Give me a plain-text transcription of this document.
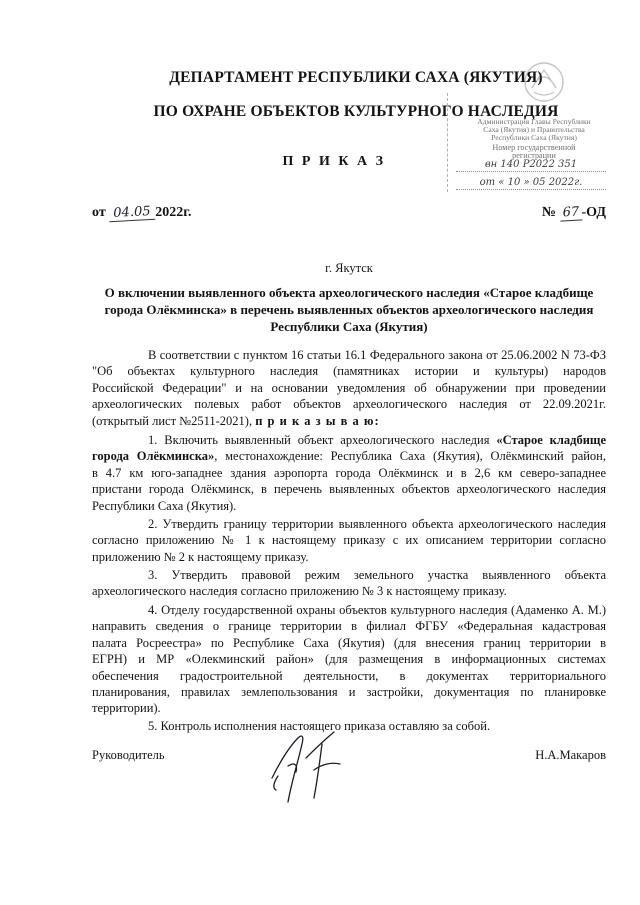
ДЕПАРТАМЕНТ РЕСПУБЛИКИ САХА (ЯКУТИЯ)
ПО ОХРАНЕ ОБЪЕКТОВ КУЛЬТУРНОГО НАСЛЕДИЯ
Администрация Главы Республики
Саха (Якутия) и Правительства
Республики Саха (Якутия)
Номер государственной
регистрации
вн 140 Р2022 351
от « 10 » 05 2022г.
П Р И К А З
от 04.05 2022г.	№ 67 -ОД
г. Якутск
О включении выявленного объекта археологического наследия «Старое кладбище
города Олёкминска» в перечень выявленных объектов археологического наследия
Республики Саха (Якутия)
В соответствии с пунктом 16 статьи 16.1 Федерального закона от 25.06.2002 N 73-ФЗ
"Об объектах культурного наследия (памятниках истории и культуры) народов
Российской Федерации" и на основании уведомления об обнаружении при проведении
археологических полевых работ объектов археологического наследия от 22.09.2021г.
(открытый лист №2511-2021), п р и к а з ы в а ю:
1. Включить выявленный объект археологического наследия «Старое кладбище
города Олёкминска», местонахождение: Республика Саха (Якутия), Олёкминский район,
в 4.7 км юго-западнее здания аэропорта города Олёкминск и в 2,6 км северо-западнее
пристани города Олёкминск, в перечень выявленных объектов археологического наследия
Республики Саха (Якутия).
2. Утвердить границу территории выявленного объекта археологического наследия
согласно приложению № 1 к настоящему приказу с их описанием территории согласно
приложению № 2 к настоящему приказу.
3. Утвердить правовой режим земельного участка выявленного объекта
археологического наследия согласно приложению № 3 к настоящему приказу.
4. Отделу государственной охраны объектов культурного наследия (Адаменко А. М.)
направить сведения о границе территории в филиал ФГБУ «Федеральная кадастровая
палата Росреестра» по Республике Саха (Якутия) (для внесения границ территории в
ЕГРН) и МР «Олекминский район» (для размещения в информационных системах
обеспечения градостроительной деятельности, в документах территориального
планирования, правилах землепользования и застройки, документация по планировке
территории).
5. Контроль исполнения настоящего приказа оставляю за собой.
Руководитель	Н.А.Макаров
